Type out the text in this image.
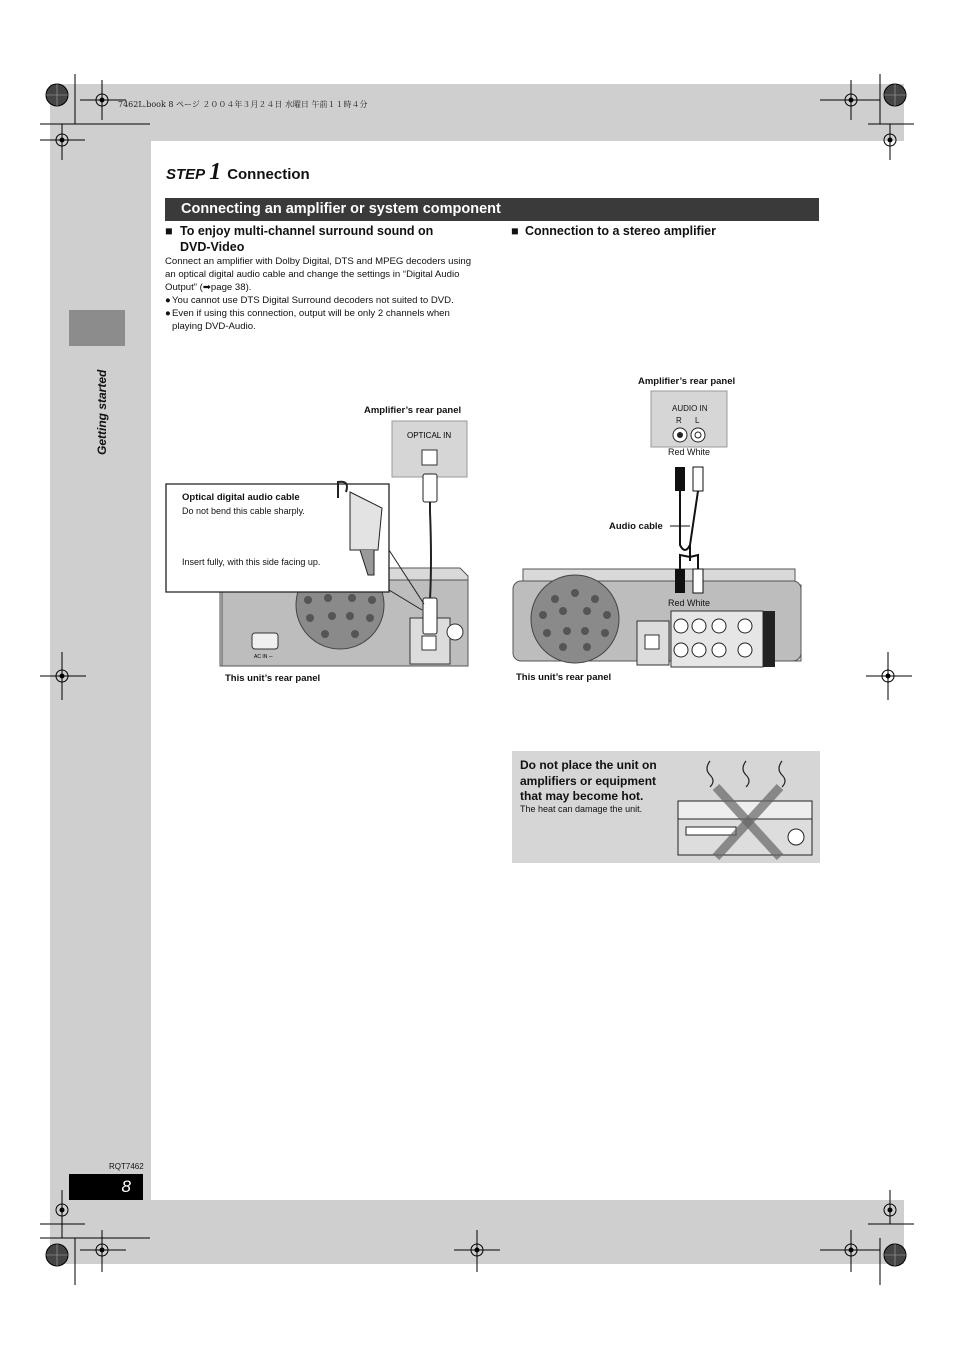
7462L.book 8 ページ ２００４年３月２４日 水曜日 午前１１時４分
Getting started
STEP 1 Connection
Connecting an amplifier or system component
■ To enjoy multi-channel surround sound on DVD-Video
Connect an amplifier with Dolby Digital, DTS and MPEG decoders using an optical digital audio cable and change the settings in “Digital Audio Output” (➡page 38).
● You cannot use DTS Digital Surround decoders not suited to DVD.
● Even if using this connection, output will be only 2 channels when playing DVD-Audio.
■ Connection to a stereo amplifier
AC IN ∼
OPTICAL IN
Amplifier’s rear panel
Optical digital audio cable
Do not bend this cable sharply.
Insert fully, with this side facing up.
This unit’s rear panel
Amplifier’s rear panel
AUDIO IN
R L
Red White
Audio cable
Red White
This unit’s rear panel
Do not place the unit on amplifiers or equipment that may become hot.
The heat can damage the unit.
RQT7462
8
